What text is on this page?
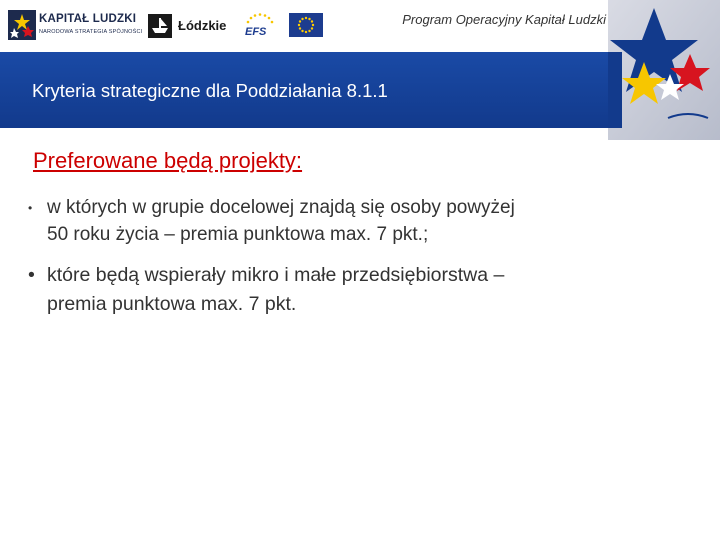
KAPITAŁ LUDZKI
NARODOWA STRATEGIA SPÓJNOŚCI	Łódzkie EFS
Program Operacyjny Kapitał Ludzki
Kryteria strategiczne dla Poddziałania 8.1.1
Preferowane będą projekty:
• w których w grupie docelowej znajdą się osoby powyżej
50 roku życia – premia punktowa max. 7 pkt.;
• które będą wspierały mikro i małe przedsiębiorstwa –
premia punktowa max. 7 pkt.
